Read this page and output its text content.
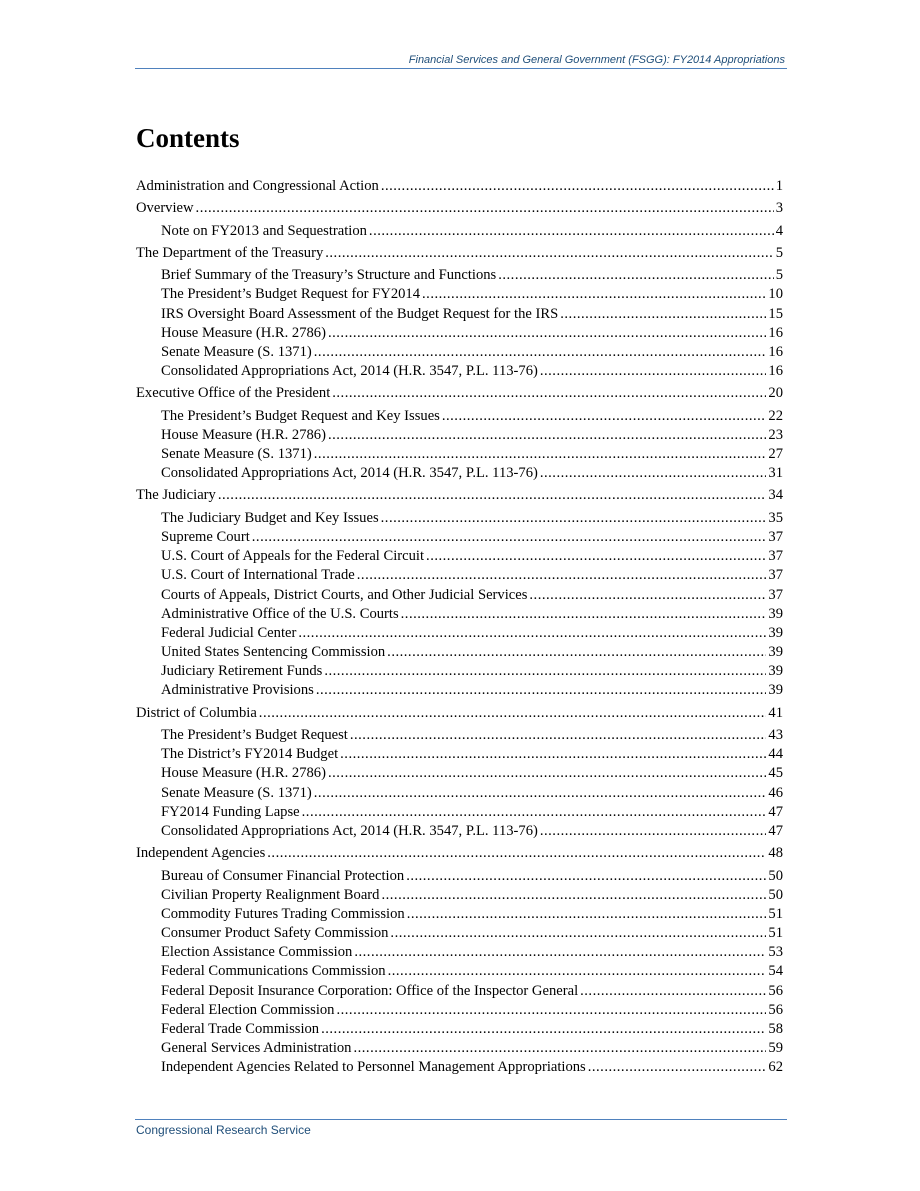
Financial Services and General Government (FSGG): FY2014 Appropriations
Contents
Administration and Congressional Action .....	1
Overview .....	3
Note on FY2013 and Sequestration .....	4
The Department of the Treasury .....	5
Brief Summary of the Treasury’s Structure and Functions .....	5
The President’s Budget Request for FY2014 .....	10
IRS Oversight Board Assessment of the Budget Request for the IRS .....	15
House Measure (H.R. 2786) .....	16
Senate Measure (S. 1371) .....	16
Consolidated Appropriations Act, 2014 (H.R. 3547, P.L. 113-76) .....	16
Executive Office of the President .....	20
The President’s Budget Request and Key Issues .....	22
House Measure (H.R. 2786) .....	23
Senate Measure (S. 1371) .....	27
Consolidated Appropriations Act, 2014 (H.R. 3547, P.L. 113-76) .....	31
The Judiciary .....	34
The Judiciary Budget and Key Issues .....	35
Supreme Court .....	37
U.S. Court of Appeals for the Federal Circuit .....	37
U.S. Court of International Trade .....	37
Courts of Appeals, District Courts, and Other Judicial Services .....	37
Administrative Office of the U.S. Courts .....	39
Federal Judicial Center .....	39
United States Sentencing Commission .....	39
Judiciary Retirement Funds .....	39
Administrative Provisions .....	39
District of Columbia .....	41
The President’s Budget Request .....	43
The District’s FY2014 Budget .....	44
House Measure (H.R. 2786) .....	45
Senate Measure (S. 1371) .....	46
FY2014 Funding Lapse .....	47
Consolidated Appropriations Act, 2014 (H.R. 3547, P.L. 113-76) .....	47
Independent Agencies .....	48
Bureau of Consumer Financial Protection .....	50
Civilian Property Realignment Board .....	50
Commodity Futures Trading Commission .....	51
Consumer Product Safety Commission .....	51
Election Assistance Commission .....	53
Federal Communications Commission .....	54
Federal Deposit Insurance Corporation: Office of the Inspector General .....	56
Federal Election Commission .....	56
Federal Trade Commission .....	58
General Services Administration .....	59
Independent Agencies Related to Personnel Management Appropriations .....	62
Congressional Research Service
